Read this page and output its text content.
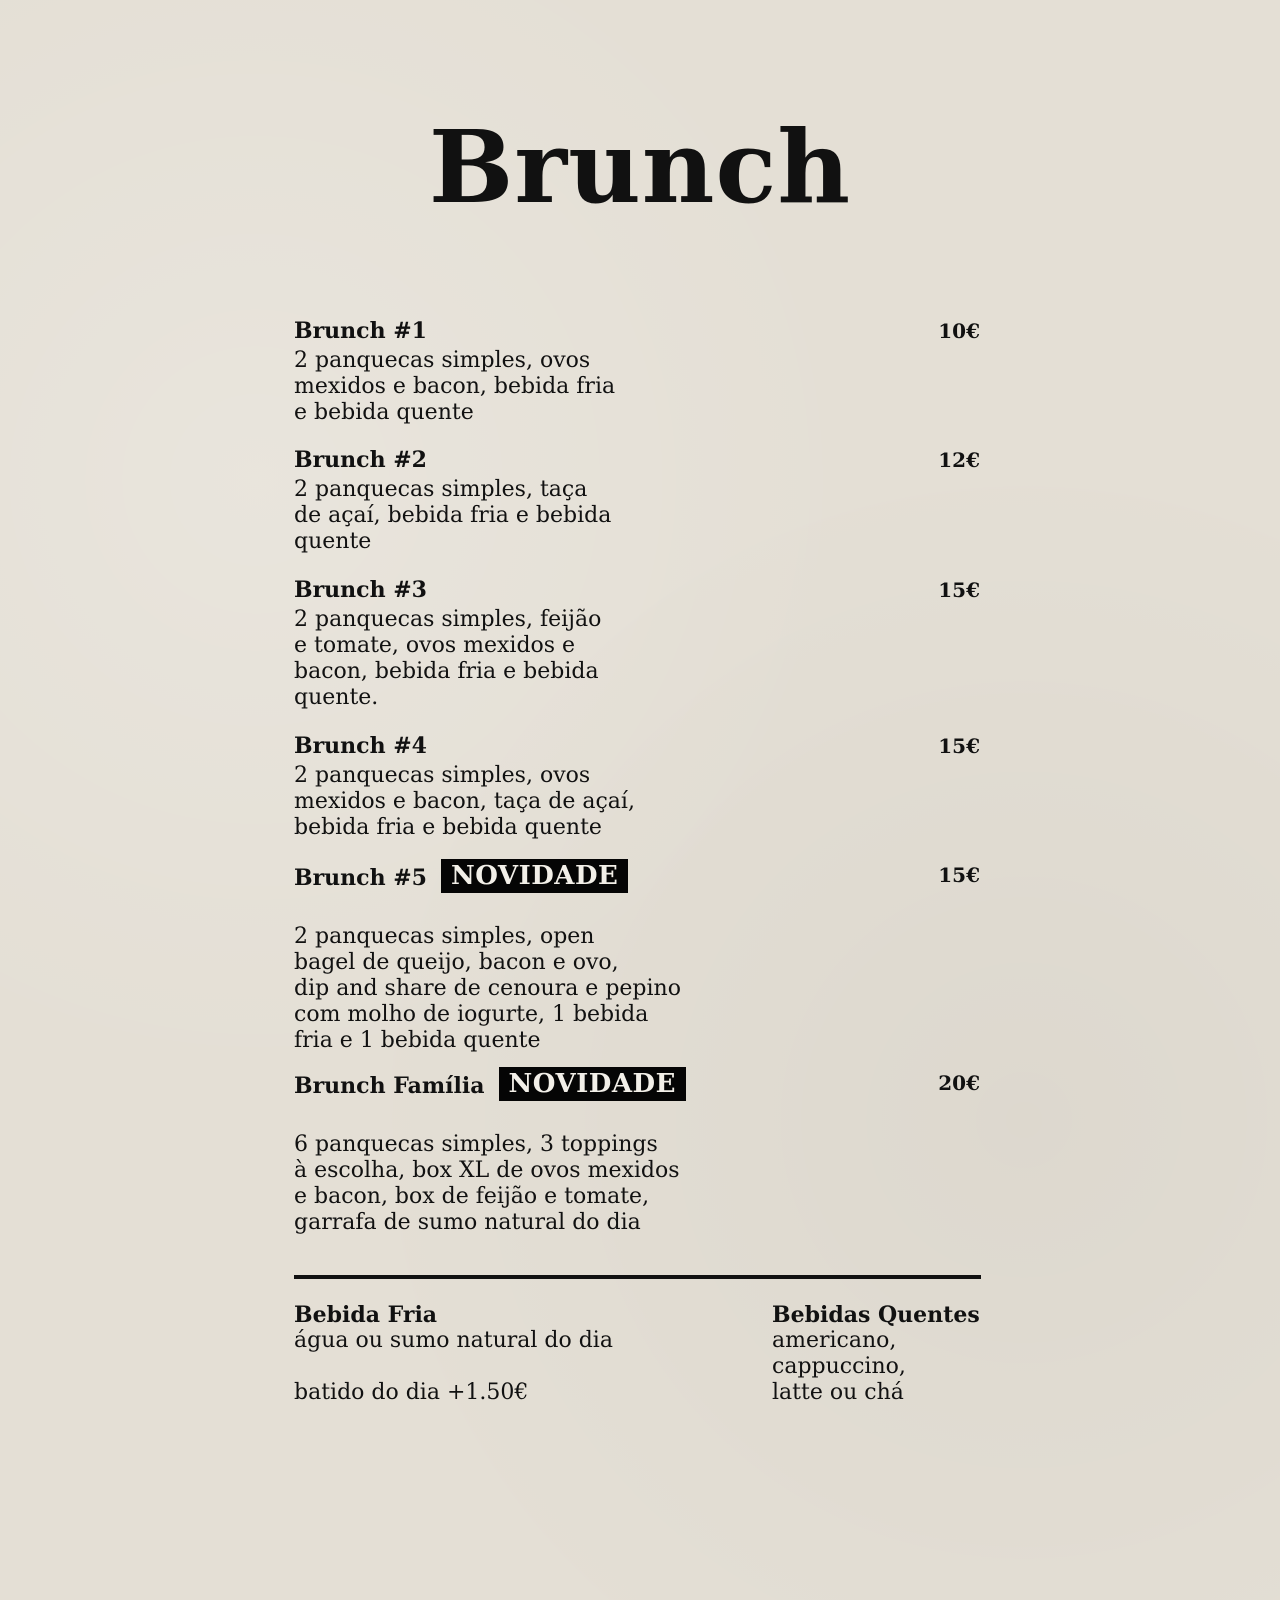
Brunch
Brunch #1	10€
2 panquecas simples, ovos
mexidos e bacon, bebida fria
e bebida quente
Brunch #2	12€
2 panquecas simples, taça
de açaí, bebida fria e bebida
quente
Brunch #3	15€
2 panquecas simples, feijão
e tomate, ovos mexidos e
bacon, bebida fria e bebida
quente.
Brunch #4	15€
2 panquecas simples, ovos
mexidos e bacon, taça de açaí,
bebida fria e bebida quente
Brunch #5 NOVIDADE	15€
2 panquecas simples, open
bagel de queijo, bacon e ovo,
dip and share de cenoura e pepino
com molho de iogurte, 1 bebida
fria e 1 bebida quente
Brunch Família NOVIDADE	20€
6 panquecas simples, 3 toppings
à escolha, box XL de ovos mexidos
e bacon, box de feijão e tomate,
garrafa de sumo natural do dia
Bebida Fria
água ou sumo natural do dia
batido do dia +1.50€
Bebidas Quentes
americano,
cappuccino,
latte ou chá
